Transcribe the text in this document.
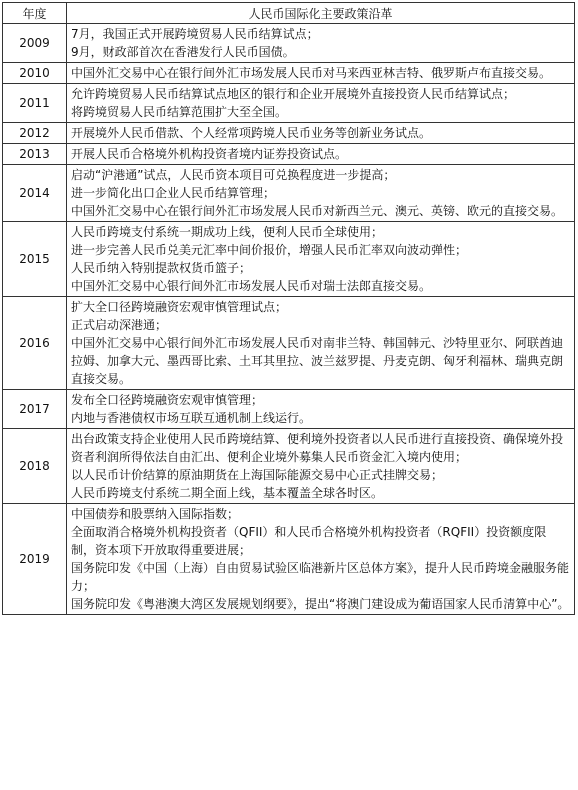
年度	人民币国际化主要政策沿革
2009	7月，我国正式开展跨境贸易人民币结算试点；
9月，财政部首次在香港发行人民币国债。

2010	中国外汇交易中心在银行间外汇市场发展人民币对马来西亚林吉特、俄罗斯卢布直接交易。

2011	允许跨境贸易人民币结算试点地区的银行和企业开展境外直接投资人民币结算试点；
将跨境贸易人民币结算范围扩大至全国。

2012	开展境外人民币借款、个人经常项跨境人民币业务等创新业务试点。

2013	开展人民币合格境外机构投资者境内证券投资试点。

2014	启动“沪港通”试点，人民币资本项目可兑换程度进一步提高；
进一步简化出口企业人民币结算管理；
中国外汇交易中心在银行间外汇市场发展人民币对新西兰元、澳元、英镑、欧元的直接交易。

2015	人民币跨境支付系统一期成功上线，便利人民币全球使用；
进一步完善人民币兑美元汇率中间价报价，增强人民币汇率双向波动弹性；
人民币纳入特别提款权货币篮子；
中国外汇交易中心银行间外汇市场发展人民币对瑞士法郎直接交易。

2016	扩大全口径跨境融资宏观审慎管理试点；
正式启动深港通；
中国外汇交易中心银行间外汇市场发展人民币对南非兰特、韩国韩元、沙特里亚尔、阿联酋迪拉姆、加拿大元、墨西哥比索、土耳其里拉、波兰兹罗提、丹麦克朗、匈牙利福林、瑞典克朗直接交易。

2017	发布全口径跨境融资宏观审慎管理；
内地与香港债权市场互联互通机制上线运行。

2018	出台政策支持企业使用人民币跨境结算、便利境外投资者以人民币进行直接投资、确保境外投资者利润所得依法自由汇出、便利企业境外募集人民币资金汇入境内使用；
以人民币计价结算的原油期货在上海国际能源交易中心正式挂牌交易；
人民币跨境支付系统二期全面上线，基本覆盖全球各时区。

2019	中国债券和股票纳入国际指数；
全面取消合格境外机构投资者（QFII）和人民币合格境外机构投资者（RQFII）投资额度限制，资本项下开放取得重要进展；
国务院印发《中国（上海）自由贸易试验区临港新片区总体方案》，提升人民币跨境金融服务能力；
国务院印发《粤港澳大湾区发展规划纲要》，提出“将澳门建设成为葡语国家人民币清算中心”。
